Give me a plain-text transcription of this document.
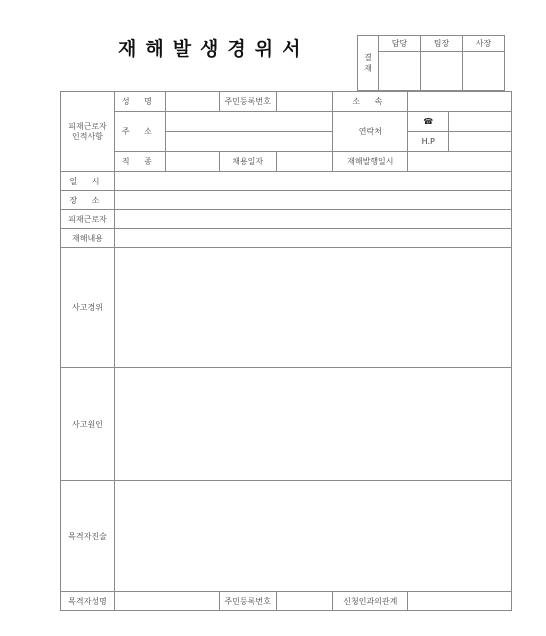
재해발생경위서	결
재	담당	팀장	사장

피재근로자
인적사항	성 명		주민등록번호		소 속		
	주 소				연락처	☎	
						H.P	
	직 종		채용일자		재해발행일시		
일 시							
장 소							
피재근로자							
재해내용							
사고경위							
사고원인							
목격자진술							
목격자성명			주민등록번호		신청인과의관계		
